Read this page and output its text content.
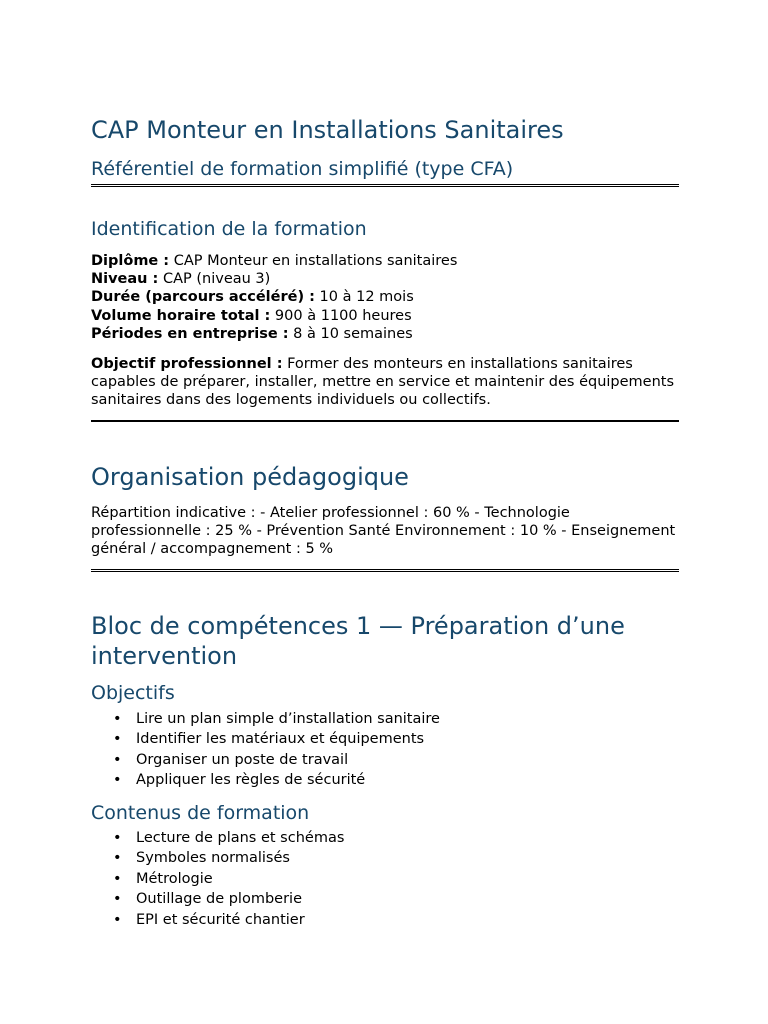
CAP Monteur en Installations Sanitaires
Référentiel de formation simplifié (type CFA)
Identification de la formation
Diplôme : CAP Monteur en installations sanitaires
Niveau : CAP (niveau 3)
Durée (parcours accéléré) : 10 à 12 mois
Volume horaire total : 900 à 1100 heures
Périodes en entreprise : 8 à 10 semaines

Objectif professionnel : Former des monteurs en installations sanitaires capables de préparer, installer, mettre en service et maintenir des équipements sanitaires dans des logements individuels ou collectifs.

Organisation pédagogique

Répartition indicative : - Atelier professionnel : 60 % - Technologie professionnelle : 25 % - Prévention Santé Environnement : 10 % - Enseignement général / accompagnement : 5 %

Bloc de compétences 1 — Préparation d’une intervention
Objectifs
• Lire un plan simple d’installation sanitaire
• Identifier les matériaux et équipements
• Organiser un poste de travail
• Appliquer les règles de sécurité
Contenus de formation
• Lecture de plans et schémas
• Symboles normalisés
• Métrologie
• Outillage de plomberie
• EPI et sécurité chantier
